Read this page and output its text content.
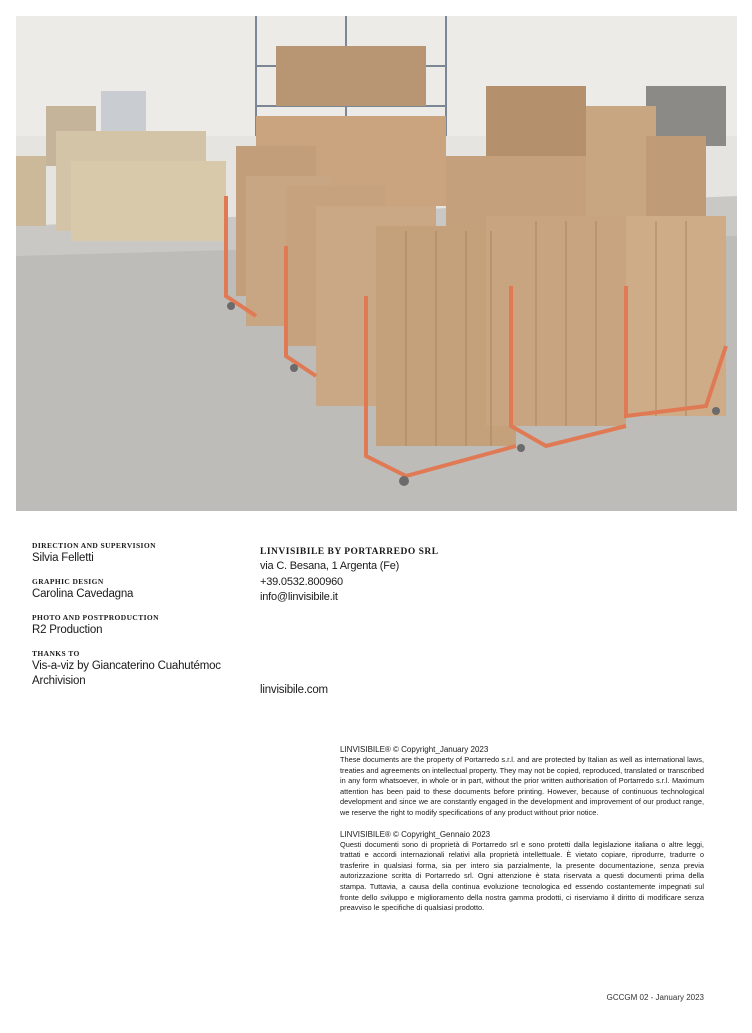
DIRECTION AND SUPERVISION
Silvia Felletti
GRAPHIC DESIGN
Carolina Cavedagna
PHOTO AND POSTPRODUCTION
R2 Production
THANKS TO
Vis-a-viz by Giancaterino Cuahutémoc
Archivision
LINVISIBILE BY PORTARREDO SRL
via C. Besana, 1 Argenta (Fe)
+39.0532.800960
info@linvisibile.it
linvisibile.com
LINVISIBILE® © Copyright_January 2023

These documents are the property of Portarredo s.r.l. and are protected by Italian as well as international laws, treaties and agreements on intellectual property. They may not be copied, reproduced, translated or transcribed in any form whatsoever, in whole or in part, without the prior written authorisation of Portarredo s.r.l. Maximum attention has been paid to these documents before printing. However, because of continuous technological development and since we are constantly engaged in the development and improvement of our product range, we reserve the right to modify specifications of any product without prior notice.

LINVISIBILE® © Copyright_Gennaio 2023

Questi documenti sono di proprietà di Portarredo srl e sono protetti dalla legislazione italiana o altre leggi, trattati e accordi internazionali relativi alla proprietà intellettuale. È vietato copiare, riprodurre, tradurre o trasferire in qualsiasi forma, sia per intero sia parzialmente, la presente documentazione, senza previa autorizzazione scritta di Portarredo srl. Ogni attenzione è stata riservata a questi documenti prima della stampa. Tuttavia, a causa della continua evoluzione tecnologica ed essendo costantemente impegnati sul fronte dello sviluppo e miglioramento della nostra gamma prodotti, ci riserviamo il diritto di modificare senza preavviso le specifiche di qualsiasi prodotto.

GCCGM 02 - January 2023
